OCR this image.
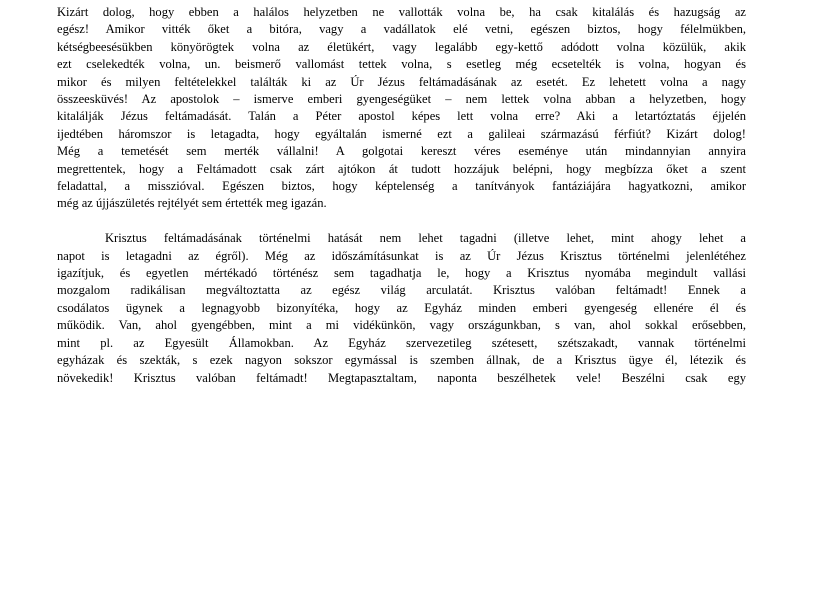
Kizárt dolog, hogy ebben a halálos helyzetben ne vallották volna be, ha csak kitalálás és hazugság az
egész! Amikor vitték őket a bitóra, vagy a vadállatok elé vetni, egészen biztos, hogy félelmükben,
kétségbeesésükben könyörögtek volna az életükért, vagy legalább egy-kettő adódott volna közülük, akik
ezt cselekedték volna, un. beismerő vallomást tettek volna, s esetleg még ecsetelték is volna, hogyan és
mikor és milyen feltételekkel találták ki az Úr Jézus feltámadásának az esetét. Ez lehetett volna a nagy
összeesküvés! Az apostolok – ismerve emberi gyengeségüket – nem lettek volna abban a helyzetben, hogy
kitalálják Jézus feltámadását. Talán a Péter apostol képes lett volna erre? Aki a letartóztatás éjjelén
ijedtében háromszor is letagadta, hogy egyáltalán ismerné ezt a galileai származású férfiút? Kizárt dolog!
Még a temetését sem merték vállalni! A golgotai kereszt véres eseménye után mindannyian annyira
megrettentek, hogy a Feltámadott csak zárt ajtókon át tudott hozzájuk belépni, hogy megbízza őket a szent
feladattal, a misszióval. Egészen biztos, hogy képtelenség a tanítványok fantáziájára hagyatkozni, amikor
még az újjászületés rejtélyét sem értették meg igazán.

Krisztus feltámadásának történelmi hatását nem lehet tagadni (illetve lehet, mint ahogy lehet a
napot is letagadni az égről). Még az időszámításunkat is az Úr Jézus Krisztus történelmi jelenlétéhez
igazítjuk, és egyetlen mértékadó történész sem tagadhatja le, hogy a Krisztus nyomába megindult vallási
mozgalom radikálisan megváltoztatta az egész világ arculatát. Krisztus valóban feltámadt! Ennek a
csodálatos ügynek a legnagyobb bizonyítéka, hogy az Egyház minden emberi gyengeség ellenére él és
működik. Van, ahol gyengébben, mint a mi vidékünkön, vagy országunkban, s van, ahol sokkal erősebben,
mint pl. az Egyesült Államokban. Az Egyház szervezetileg szétesett, szétszakadt, vannak történelmi
egyházak és szekták, s ezek nagyon sokszor egymással is szemben állnak, de a Krisztus ügye él, létezik és
növekedik! Krisztus valóban feltámadt! Megtapasztaltam, naponta beszélhetek vele! Beszélni csak egy
